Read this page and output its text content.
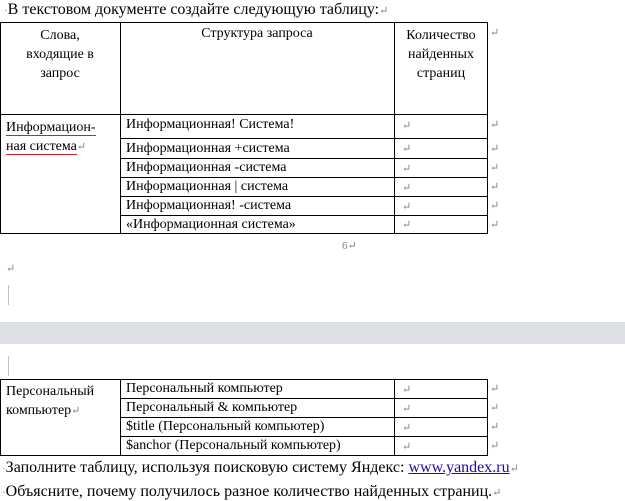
·В текстовом документе создайте следующую таблицу:↵
Слова,
входящие в
запрос
Структура запроса	Количество
найденных
страниц
Информацион-
ная система↵
Информационная! Система!
Информационная +система
Информационная -система
Информационная | система
Информационная! -система
«Информационная система»
↵
↵
↵
↵
↵
↵
↵
↵
↵
↵
↵
↵
↵
6↵
↵
Персональный
компьютер↵
Персональный компьютер
Персональный & компьютер
$title (Персональный компьютер)
$anchor (Персональный компьютер)
↵
↵
↵
↵
↵
↵
↵
↵
·Заполните таблицу, используя поисковую систему Яндекс: www.yandex.ru↵
·Объясните, почему получилось разное количество найденных страниц.↵
